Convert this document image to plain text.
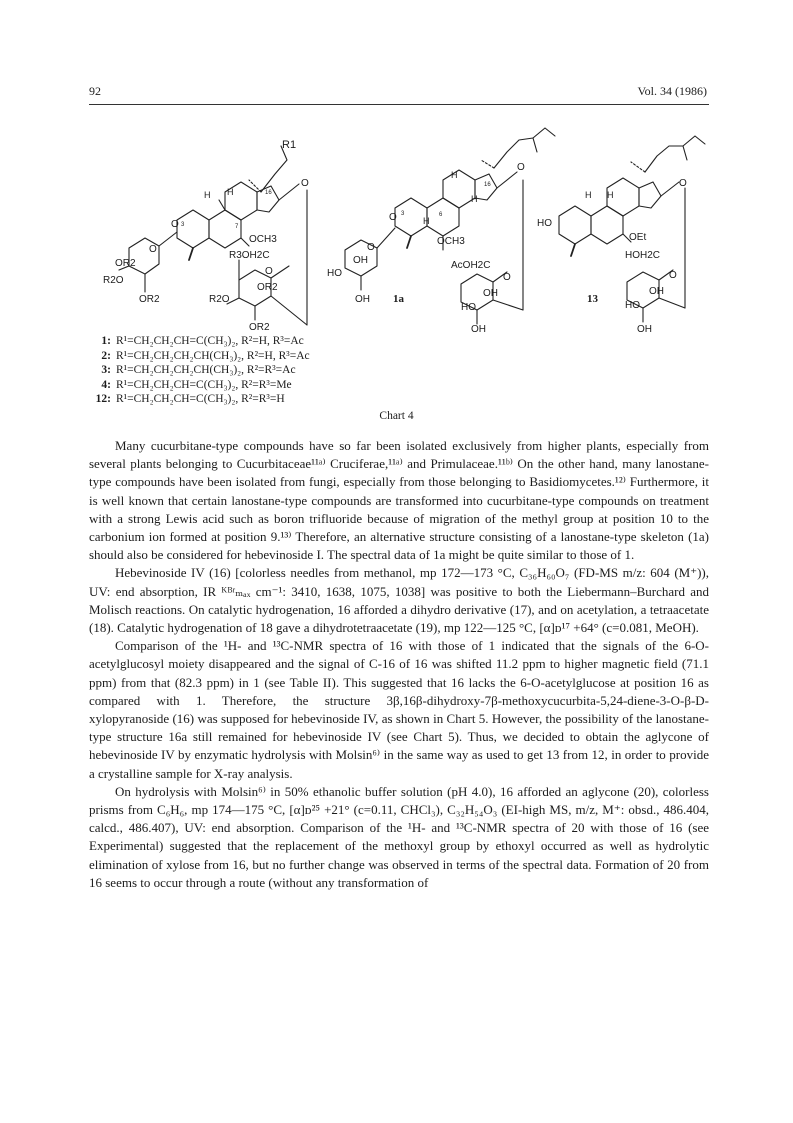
92	Vol. 34 (1986)
R1
H H	16
O
O 3	7
OCH3
R3OH2C
O
OR2
R2O
OR2
O
OR2
R2O
OR2
H
16
O
H
3	6
O	H
OCH3
O
OH
HO
OH 1a
AcOH2C
O
OH
HO
OH
H H
O
HO
OEt
HOH2C
13
O
OH
HO
OH
1: R¹=CH₂CH₂CH=C(CH₃)₂, R²=H, R³=Ac
2: R¹=CH₂CH₂CH₂CH(CH₃)₂, R²=H, R³=Ac
3: R¹=CH₂CH₂CH₂CH(CH₃)₂, R²=R³=Ac
4: R¹=CH₂CH₂CH=C(CH₃)₂, R²=R³=Me
12: R¹=CH₂CH₂CH=C(CH₃)₂, R²=R³=H
Chart 4

Many cucurbitane-type compounds have so far been isolated exclusively from higher plants, especially from several plants belonging to Cucurbitaceae¹¹ᵃ⁾ Cruciferae,¹¹ᵃ⁾ and Primulaceae.¹¹ᵇ⁾ On the other hand, many lanostane-type compounds have been isolated from fungi, especially from those belonging to Basidiomycetes.¹²⁾ Furthermore, it is well known that certain lanostane-type compounds are transformed into cucurbitane-type compounds on treatment with a strong Lewis acid such as boron trifluoride because of migration of the methyl group at position 10 to the carbonium ion formed at position 9.¹³⁾ Therefore, an alternative structure consisting of a lanostane-type skeleton (1a) should also be considered for hebevinoside I. The spectral data of 1a might be quite similar to those of 1.

Hebevinoside IV (16) [colorless needles from methanol, mp 172—173 °C, C₃₆H₆₀O₇ (FD-MS m/z: 604 (M⁺)), UV: end absorption, IR ᴷᴮʳₘₐₓ cm⁻¹: 3410, 1638, 1075, 1038] was positive to both the Liebermann–Burchard and Molisch reactions. On catalytic hydrogenation, 16 afforded a dihydro derivative (17), and on acetylation, a tetraacetate (18). Catalytic hydrogenation of 18 gave a dihydrotetraacetate (19), mp 122—125 °C, [α]ᴅ¹⁷ +64° (c=0.081, MeOH).

Comparison of the ¹H- and ¹³C-NMR spectra of 16 with those of 1 indicated that the signals of the 6-O-acetylglucosyl moiety disappeared and the signal of C-16 of 16 was shifted 11.2 ppm to higher magnetic field (71.1 ppm) from that (82.3 ppm) in 1 (see Table II). This suggested that 16 lacks the 6-O-acetylglucose at position 16 as compared with 1. Therefore, the structure 3β,16β-dihydroxy-7β-methoxycucurbita-5,24-diene-3-O-β-D-xylopyranoside (16) was supposed for hebevinoside IV, as shown in Chart 5. However, the possibility of the lanostane-type structure 16a still remained for hebevinoside IV (see Chart 5). Thus, we decided to obtain the aglycone of hebevinoside IV by enzymatic hydrolysis with Molsin⁶⁾ in the same way as used to get 13 from 12, in order to provide a crystalline sample for X-ray analysis.

On hydrolysis with Molsin⁶⁾ in 50% ethanolic buffer solution (pH 4.0), 16 afforded an aglycone (20), colorless prisms from C₆H₆, mp 174—175 °C, [α]ᴅ²⁵ +21° (c=0.11, CHCl₃), C₃₂H₅₄O₃ (EI-high MS, m/z, M⁺: obsd., 486.404, calcd., 486.407), UV: end absorption. Comparison of the ¹H- and ¹³C-NMR spectra of 20 with those of 16 (see Experimental) suggested that the replacement of the methoxyl group by ethoxyl occurred as well as hydrolytic elimination of xylose from 16, but no further change was observed in terms of the spectral data. Formation of 20 from 16 seems to occur through a route (without any transformation of
